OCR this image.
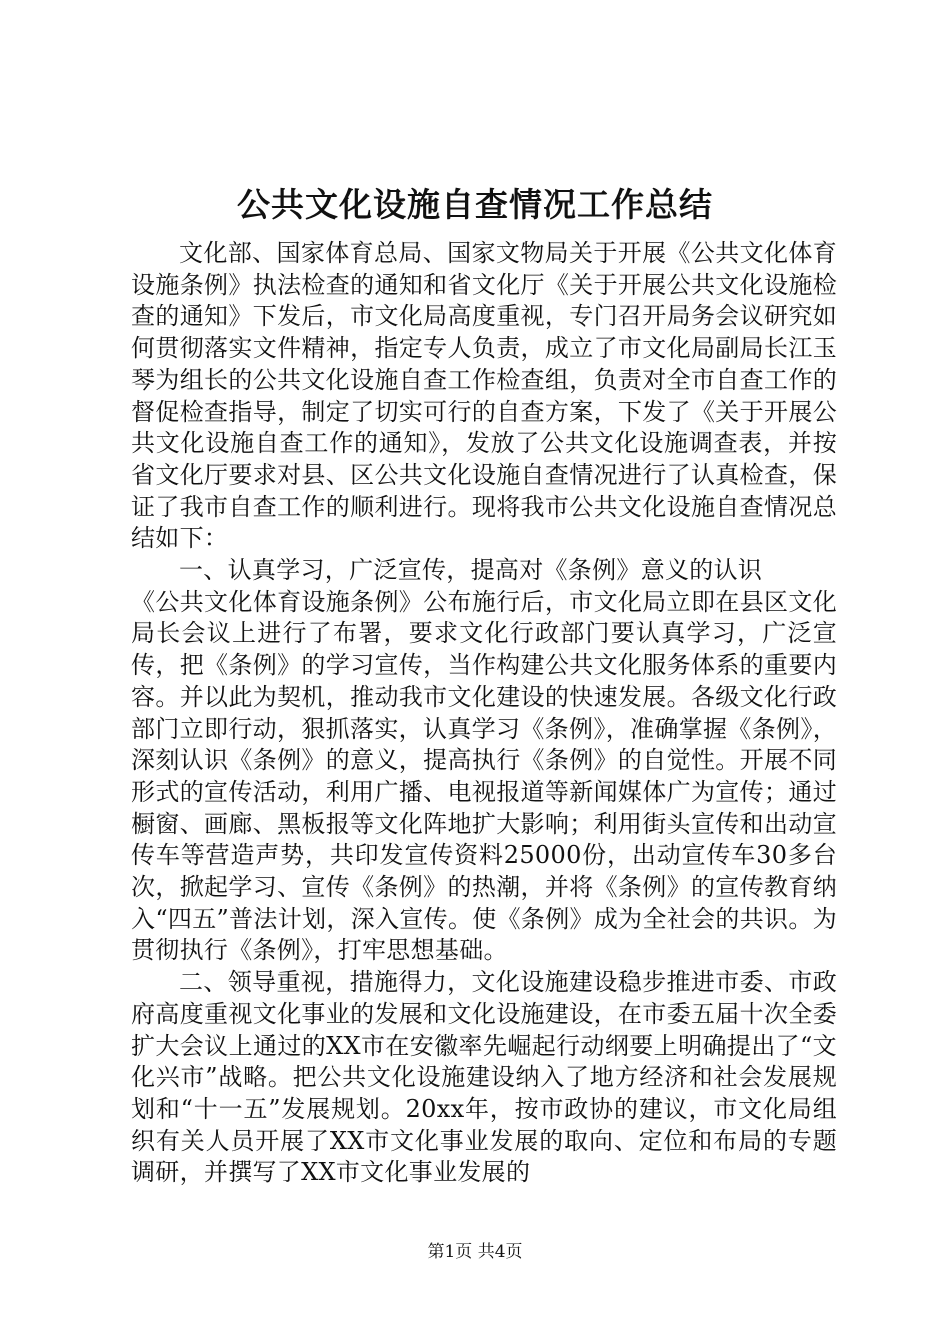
公共文化设施自查情况工作总结

文化部、国家体育总局、国家文物局关于开展《公共文化体育设施条例》执法检查的通知和省文化厅《关于开展公共文化设施检查的通知》下发后，市文化局高度重视，专门召开局务会议研究如何贯彻落实文件精神，指定专人负责，成立了市文化局副局长江玉琴为组长的公共文化设施自查工作检查组，负责对全市自查工作的督促检查指导，制定了切实可行的自查方案，下发了《关于开展公共文化设施自查工作的通知》，发放了公共文化设施调查表，并按省文化厅要求对县、区公共文化设施自查情况进行了认真检查，保证了我市自查工作的顺利进行。现将我市公共文化设施自查情况总结如下：

一、认真学习，广泛宣传，提高对《条例》意义的认识

《公共文化体育设施条例》公布施行后，市文化局立即在县区文化局长会议上进行了布署，要求文化行政部门要认真学习，广泛宣传，把《条例》的学习宣传，当作构建公共文化服务体系的重要内容。并以此为契机，推动我市文化建设的快速发展。各级文化行政部门立即行动，狠抓落实，认真学习《条例》，准确掌握《条例》，深刻认识《条例》的意义，提高执行《条例》的自觉性。开展不同形式的宣传活动，利用广播、电视报道等新闻媒体广为宣传；通过橱窗、画廊、黑板报等文化阵地扩大影响；利用街头宣传和出动宣传车等营造声势，共印发宣传资料25000份，出动宣传车30多台次，掀起学习、宣传《条例》的热潮，并将《条例》的宣传教育纳入“四五”普法计划，深入宣传。使《条例》成为全社会的共识。为贯彻执行《条例》，打牢思想基础。

二、领导重视，措施得力，文化设施建设稳步推进市委、市政府高度重视文化事业的发展和文化设施建设，在市委五届十次全委扩大会议上通过的XX市在安徽率先崛起行动纲要上明确提出了“文化兴市”战略。把公共文化设施建设纳入了地方经济和社会发展规划和“十一五”发展规划。20xx年，按市政协的建议，市文化局组织有关人员开展了XX市文化事业发展的取向、定位和布局的专题调研，并撰写了XX市文化事业发展的

第1页 共4页
